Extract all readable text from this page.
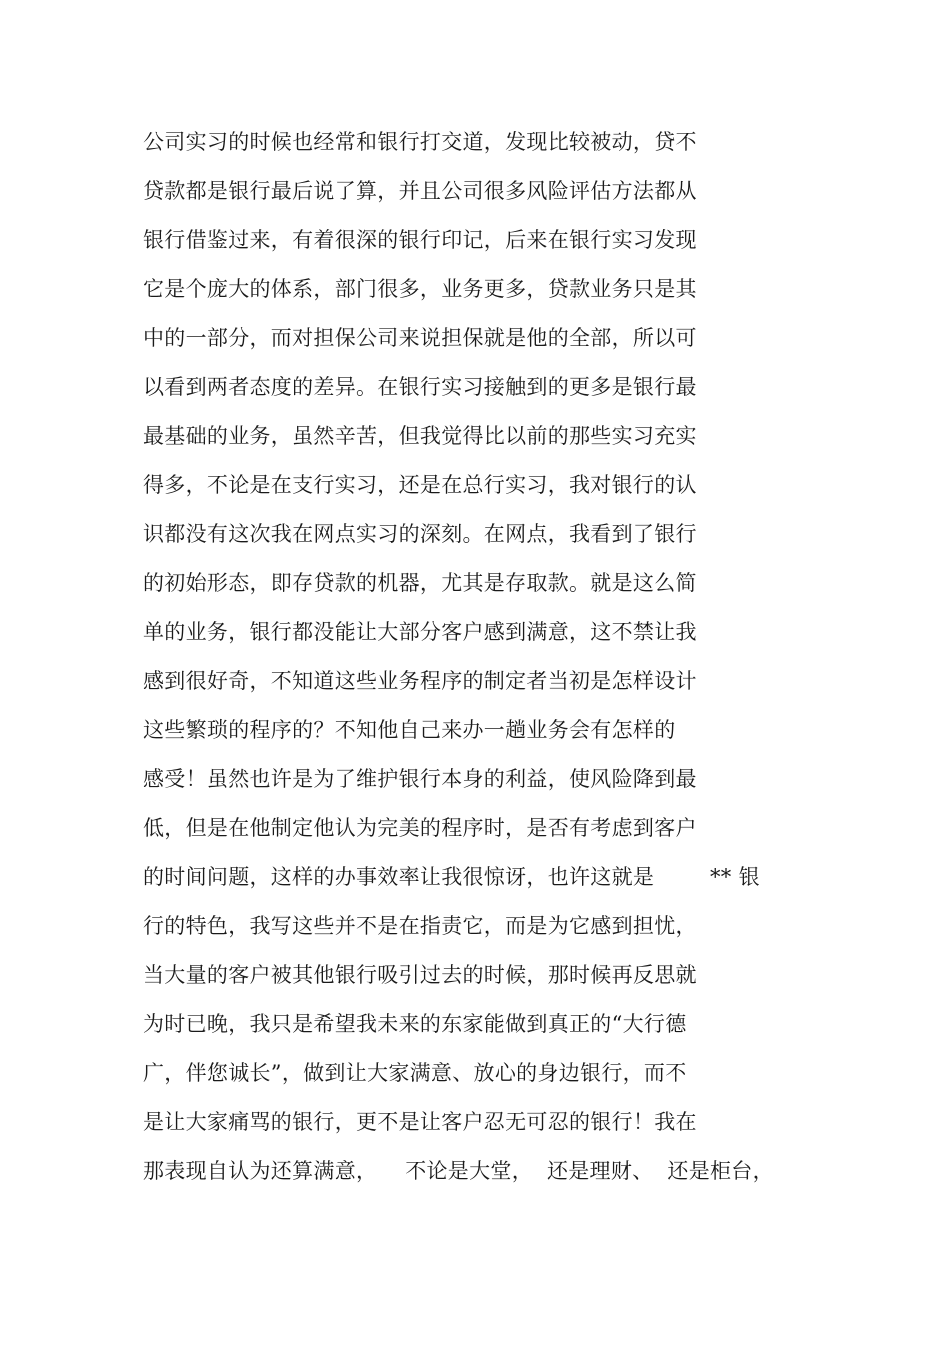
公司实习的时候也经常和银行打交道，发现比较被动，贷不
贷款都是银行最后说了算，并且公司很多风险评估方法都从
银行借鉴过来，有着很深的银行印记，后来在银行实习发现
它是个庞大的体系，部门很多，业务更多，贷款业务只是其
中的一部分，而对担保公司来说担保就是他的全部，所以可
以看到两者态度的差异。在银行实习接触到的更多是银行最
最基础的业务，虽然辛苦，但我觉得比以前的那些实习充实
得多，不论是在支行实习，还是在总行实习，我对银行的认
识都没有这次我在网点实习的深刻。在网点，我看到了银行
的初始形态，即存贷款的机器，尤其是存取款。就是这么简
单的业务，银行都没能让大部分客户感到满意，这不禁让我
感到很好奇，不知道这些业务程序的制定者当初是怎样设计
这些繁琐的程序的？不知他自己来办一趟业务会有怎样的
感受！虽然也许是为了维护银行本身的利益，使风险降到最
低，但是在他制定他认为完美的程序时，是否有考虑到客户
的时间问题，这样的办事效率让我很惊讶，也许这就是        ** 银
行的特色，我写这些并不是在指责它，而是为它感到担忧，
当大量的客户被其他银行吸引过去的时候，那时候再反思就
为时已晚，我只是希望我未来的东家能做到真正的“大行德
广，伴您诚长”，做到让大家满意、放心的身边银行，而不
是让大家痛骂的银行，更不是让客户忍无可忍的银行！我在
那表现自认为还算满意，    不论是大堂，  还是理财、  还是柜台，
